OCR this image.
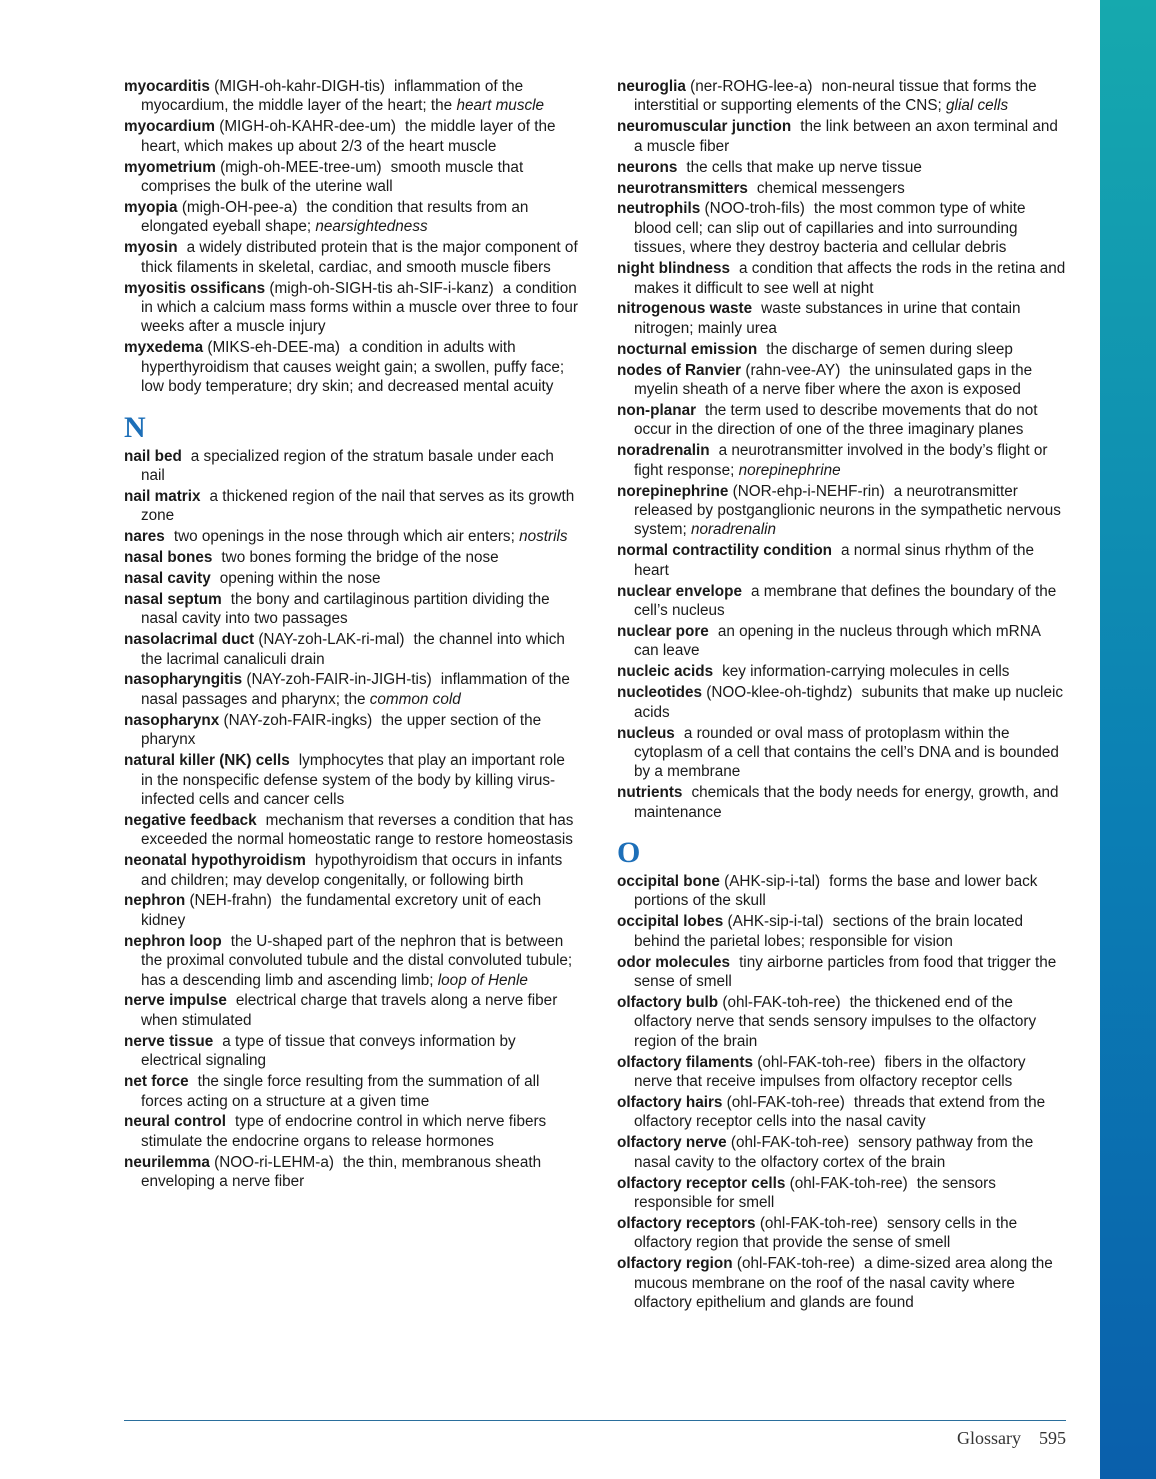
myocarditis (MIGH-oh-kahr-DIGH-tis) inflammation of the myocardium, the middle layer of the heart; the heart muscle
myocardium (MIGH-oh-KAHR-dee-um) the middle layer of the heart, which makes up about 2/3 of the heart muscle
myometrium (migh-oh-MEE-tree-um) smooth muscle that comprises the bulk of the uterine wall
myopia (migh-OH-pee-a) the condition that results from an elongated eyeball shape; nearsightedness
myosin a widely distributed protein that is the major component of thick filaments in skeletal, cardiac, and smooth muscle fibers
myositis ossificans (migh-oh-SIGH-tis ah-SIF-i-kanz) a condition in which a calcium mass forms within a muscle over three to four weeks after a muscle injury
myxedema (MIKS-eh-DEE-ma) a condition in adults with hyperthyroidism that causes weight gain; a swollen, puffy face; low body temperature; dry skin; and decreased mental acuity
N
nail bed a specialized region of the stratum basale under each nail
nail matrix a thickened region of the nail that serves as its growth zone
nares two openings in the nose through which air enters; nostrils
nasal bones two bones forming the bridge of the nose
nasal cavity opening within the nose
nasal septum the bony and cartilaginous partition dividing the nasal cavity into two passages
nasolacrimal duct (NAY-zoh-LAK-ri-mal) the channel into which the lacrimal canaliculi drain
nasopharyngitis (NAY-zoh-FAIR-in-JIGH-tis) inflammation of the nasal passages and pharynx; the common cold
nasopharynx (NAY-zoh-FAIR-ingks) the upper section of the pharynx
natural killer (NK) cells lymphocytes that play an important role in the nonspecific defense system of the body by killing virus-infected cells and cancer cells
negative feedback mechanism that reverses a condition that has exceeded the normal homeostatic range to restore homeostasis
neonatal hypothyroidism hypothyroidism that occurs in infants and children; may develop congenitally, or following birth
nephron (NEH-frahn) the fundamental excretory unit of each kidney
nephron loop the U-shaped part of the nephron that is between the proximal convoluted tubule and the distal convoluted tubule; has a descending limb and ascending limb; loop of Henle
nerve impulse electrical charge that travels along a nerve fiber when stimulated
nerve tissue a type of tissue that conveys information by electrical signaling
net force the single force resulting from the summation of all forces acting on a structure at a given time
neural control type of endocrine control in which nerve fibers stimulate the endocrine organs to release hormones
neurilemma (NOO-ri-LEHM-a) the thin, membranous sheath enveloping a nerve fiber
neuroglia (ner-ROHG-lee-a) non-neural tissue that forms the interstitial or supporting elements of the CNS; glial cells
neuromuscular junction the link between an axon terminal and a muscle fiber
neurons the cells that make up nerve tissue
neurotransmitters chemical messengers
neutrophils (NOO-troh-fils) the most common type of white blood cell; can slip out of capillaries and into surrounding tissues, where they destroy bacteria and cellular debris
night blindness a condition that affects the rods in the retina and makes it difficult to see well at night
nitrogenous waste waste substances in urine that contain nitrogen; mainly urea
nocturnal emission the discharge of semen during sleep
nodes of Ranvier (rahn-vee-AY) the uninsulated gaps in the myelin sheath of a nerve fiber where the axon is exposed
non-planar the term used to describe movements that do not occur in the direction of one of the three imaginary planes
noradrenalin a neurotransmitter involved in the body’s flight or fight response; norepinephrine
norepinephrine (NOR-ehp-i-NEHF-rin) a neurotransmitter released by postganglionic neurons in the sympathetic nervous system; noradrenalin
normal contractility condition a normal sinus rhythm of the heart
nuclear envelope a membrane that defines the boundary of the cell’s nucleus
nuclear pore an opening in the nucleus through which mRNA can leave
nucleic acids key information-carrying molecules in cells
nucleotides (NOO-klee-oh-tighdz) subunits that make up nucleic acids
nucleus a rounded or oval mass of protoplasm within the cytoplasm of a cell that contains the cell’s DNA and is bounded by a membrane
nutrients chemicals that the body needs for energy, growth, and maintenance
O
occipital bone (AHK-sip-i-tal) forms the base and lower back portions of the skull
occipital lobes (AHK-sip-i-tal) sections of the brain located behind the parietal lobes; responsible for vision
odor molecules tiny airborne particles from food that trigger the sense of smell
olfactory bulb (ohl-FAK-toh-ree) the thickened end of the olfactory nerve that sends sensory impulses to the olfactory region of the brain
olfactory filaments (ohl-FAK-toh-ree) fibers in the olfactory nerve that receive impulses from olfactory receptor cells
olfactory hairs (ohl-FAK-toh-ree) threads that extend from the olfactory receptor cells into the nasal cavity
olfactory nerve (ohl-FAK-toh-ree) sensory pathway from the nasal cavity to the olfactory cortex of the brain
olfactory receptor cells (ohl-FAK-toh-ree) the sensors responsible for smell
olfactory receptors (ohl-FAK-toh-ree) sensory cells in the olfactory region that provide the sense of smell
olfactory region (ohl-FAK-toh-ree) a dime-sized area along the mucous membrane on the roof of the nasal cavity where olfactory epithelium and glands are found
Glossary 595
